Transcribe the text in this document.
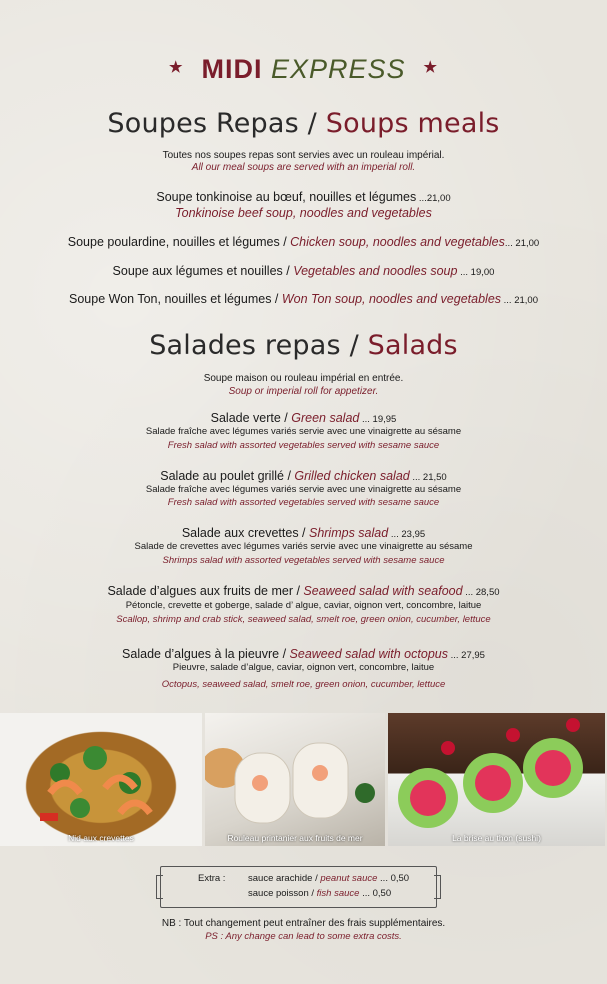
★ MIDI EXPRESS ★
Soupes Repas / Soups meals
Toutes nos soupes repas sont servies avec un rouleau impérial.
All our meal soups are served with an imperial roll.
Soupe tonkinoise au bœuf, nouilles et légumes ...21,00
Tonkinoise beef soup, noodles and vegetables
Soupe poulardine, nouilles et légumes / Chicken soup, noodles and vegetables... 21,00
Soupe aux légumes et nouilles / Vegetables and noodles soup ... 19,00
Soupe Won Ton, nouilles et légumes / Won Ton soup, noodles and vegetables ... 21,00
Salades repas / Salads
Soupe maison ou rouleau impérial en entrée.
Soup or imperial roll for appetizer.
Salade verte / Green salad ... 19,95
Salade fraîche avec légumes variés servie avec une vinaigrette au sésame
Fresh salad with assorted vegetables served with sesame sauce
Salade au poulet grillé / Grilled chicken salad ... 21,50
Salade fraîche avec légumes variés servie avec une vinaigrette au sésame
Fresh salad with assorted vegetables served with sesame sauce
Salade aux crevettes / Shrimps salad ... 23,95
Salade de crevettes avec légumes variés servie avec une vinaigrette au sésame
Shrimps salad with assorted vegetables served with sesame sauce
Salade d’algues aux fruits de mer / Seaweed salad with seafood ... 28,50
Pétoncle, crevette et goberge, salade d’ algue, caviar, oignon vert, concombre, laitue
Scallop, shrimp and crab stick, seaweed salad, smelt roe, green onion, cucumber, lettuce
Salade d’algues à la pieuvre / Seaweed salad with octopus ... 27,95
Pieuvre, salade d’algue, caviar, oignon vert, concombre, laitue
Octopus, seaweed salad, smelt roe, green onion, cucumber, lettuce
Nid aux crevettes	Rouleau printanier aux fruits de mer	La brise au thon (sushi)
Extra : sauce arachide / peanut sauce ... 0,50
sauce poisson / fish sauce ... 0,50
NB : Tout changement peut entraîner des frais supplémentaires.
PS : Any change can lead to some extra costs.
